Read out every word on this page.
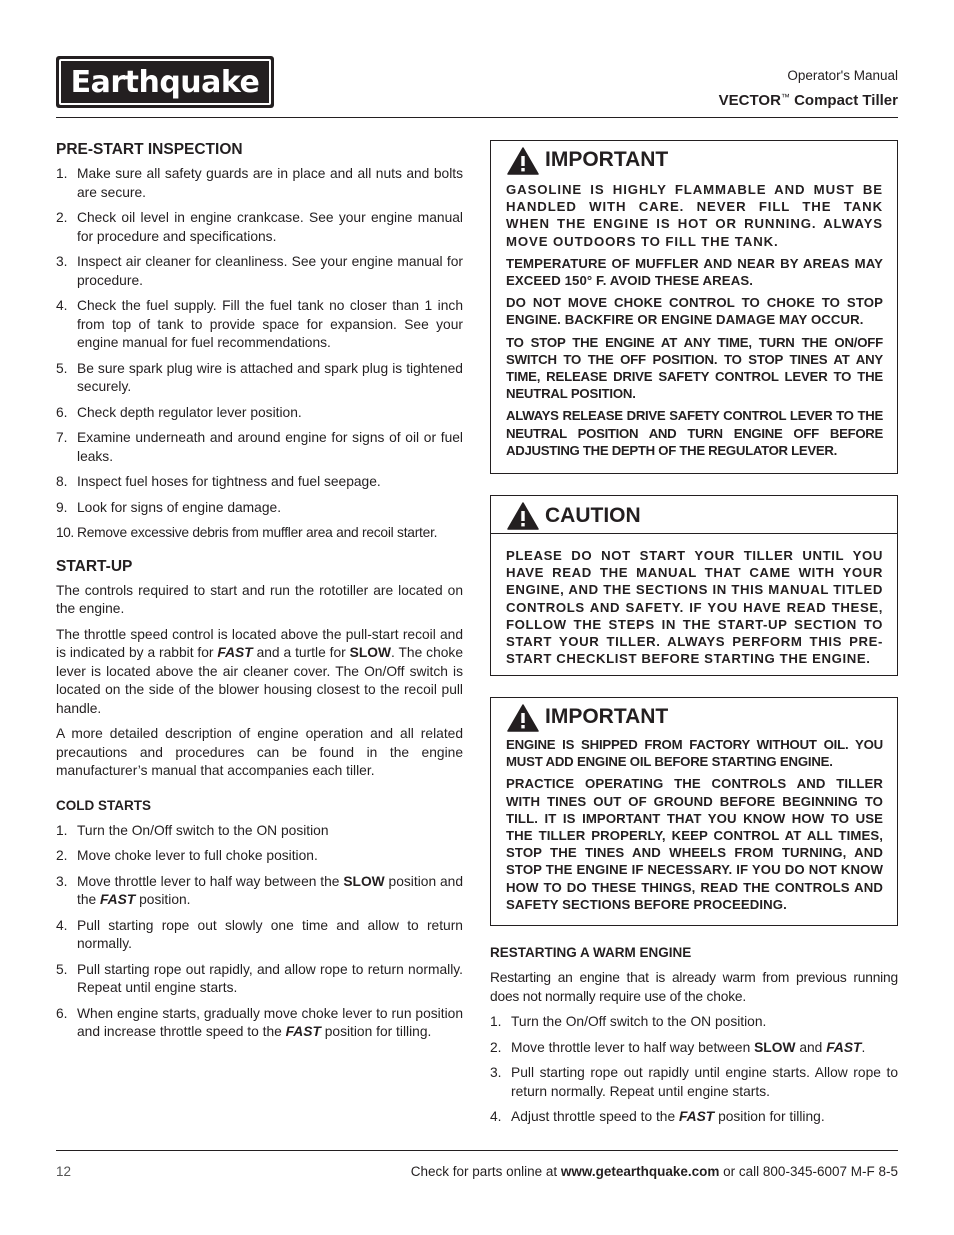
Earthquake	Operator's Manual
VECTOR™ Compact Tiller
PRE-START INSPECTION
1. Make sure all safety guards are in place and all nuts and bolts are secure.
2. Check oil level in engine crankcase. See your engine manual for procedure and specifications.
3. Inspect air cleaner for cleanliness. See your engine manual for procedure.
4. Check the fuel supply. Fill the fuel tank no closer than 1 inch from top of tank to provide space for expansion. See your engine manual for fuel recommendations.
5. Be sure spark plug wire is attached and spark plug is tightened securely.
6. Check depth regulator lever position.
7. Examine underneath and around engine for signs of oil or fuel leaks.
8. Inspect fuel hoses for tightness and fuel seepage.
9. Look for signs of engine damage.
10. Remove excessive debris from muffler area and recoil starter.
START-UP

The controls required to start and run the rototiller are located on the engine.

The throttle speed control is located above the pull-start recoil and is indicated by a rabbit for FAST and a turtle for SLOW. The choke lever is located above the air cleaner cover. The On/Off switch is located on the side of the blower housing closest to the recoil pull handle.

A more detailed description of engine operation and all related precautions and procedures can be found in the engine manufacturer’s manual that accompanies each tiller.

COLD STARTS
1. Turn the On/Off switch to the ON position
2. Move choke lever to full choke position.
3. Move throttle lever to half way between the SLOW position and the FAST position.
4. Pull starting rope out slowly one time and allow to return normally.
5. Pull starting rope out rapidly, and allow rope to return normally. Repeat until engine starts.
6. When engine starts, gradually move choke lever to run position and increase throttle speed to the FAST position for tilling.
IMPORTANT

GASOLINE IS HIGHLY FLAMMABLE AND MUST BE HANDLED WITH CARE. NEVER FILL THE TANK WHEN THE ENGINE IS HOT OR RUNNING. ALWAYS MOVE OUTDOORS TO FILL THE TANK.

TEMPERATURE OF MUFFLER AND NEAR BY AREAS MAY EXCEED 150° F. AVOID THESE AREAS.

DO NOT MOVE CHOKE CONTROL TO CHOKE TO STOP ENGINE. BACKFIRE OR ENGINE DAMAGE MAY OCCUR.

TO STOP THE ENGINE AT ANY TIME, TURN THE ON/OFF SWITCH TO THE OFF POSITION. TO STOP TINES AT ANY TIME, RELEASE DRIVE SAFETY CONTROL LEVER TO THE NEUTRAL POSITION.

ALWAYS RELEASE DRIVE SAFETY CONTROL LEVER TO THE NEUTRAL POSITION AND TURN ENGINE OFF BEFORE ADJUSTING THE DEPTH OF THE REGULATOR LEVER.

CAUTION

PLEASE DO NOT START YOUR TILLER UNTIL YOU HAVE READ THE MANUAL THAT CAME WITH YOUR ENGINE, AND THE SECTIONS IN THIS MANUAL TITLED CONTROLS AND SAFETY. IF YOU HAVE READ THESE, FOLLOW THE STEPS IN THE START-UP SECTION TO START YOUR TILLER. ALWAYS PERFORM THIS PRE-START CHECKLIST BEFORE STARTING THE ENGINE.

IMPORTANT

ENGINE IS SHIPPED FROM FACTORY WITHOUT OIL. YOU MUST ADD ENGINE OIL BEFORE STARTING ENGINE.

PRACTICE OPERATING THE CONTROLS AND TILLER WITH TINES OUT OF GROUND BEFORE BEGINNING TO TILL. IT IS IMPORTANT THAT YOU KNOW HOW TO USE THE TILLER PROPERLY, KEEP CONTROL AT ALL TIMES, STOP THE TINES AND WHEELS FROM TURNING, AND STOP THE ENGINE IF NECESSARY. IF YOU DO NOT KNOW HOW TO DO THESE THINGS, READ THE CONTROLS AND SAFETY SECTIONS BEFORE PROCEEDING.

RESTARTING A WARM ENGINE

Restarting an engine that is already warm from previous running does not normally require use of the choke.

1. Turn the On/Off switch to the ON position.
2. Move throttle lever to half way between SLOW and FAST.
3. Pull starting rope out rapidly until engine starts. Allow rope to return normally. Repeat until engine starts.
4. Adjust throttle speed to the FAST position for tilling.
12	Check for parts online at www.getearthquake.com or call 800-345-6007 M-F 8-5
